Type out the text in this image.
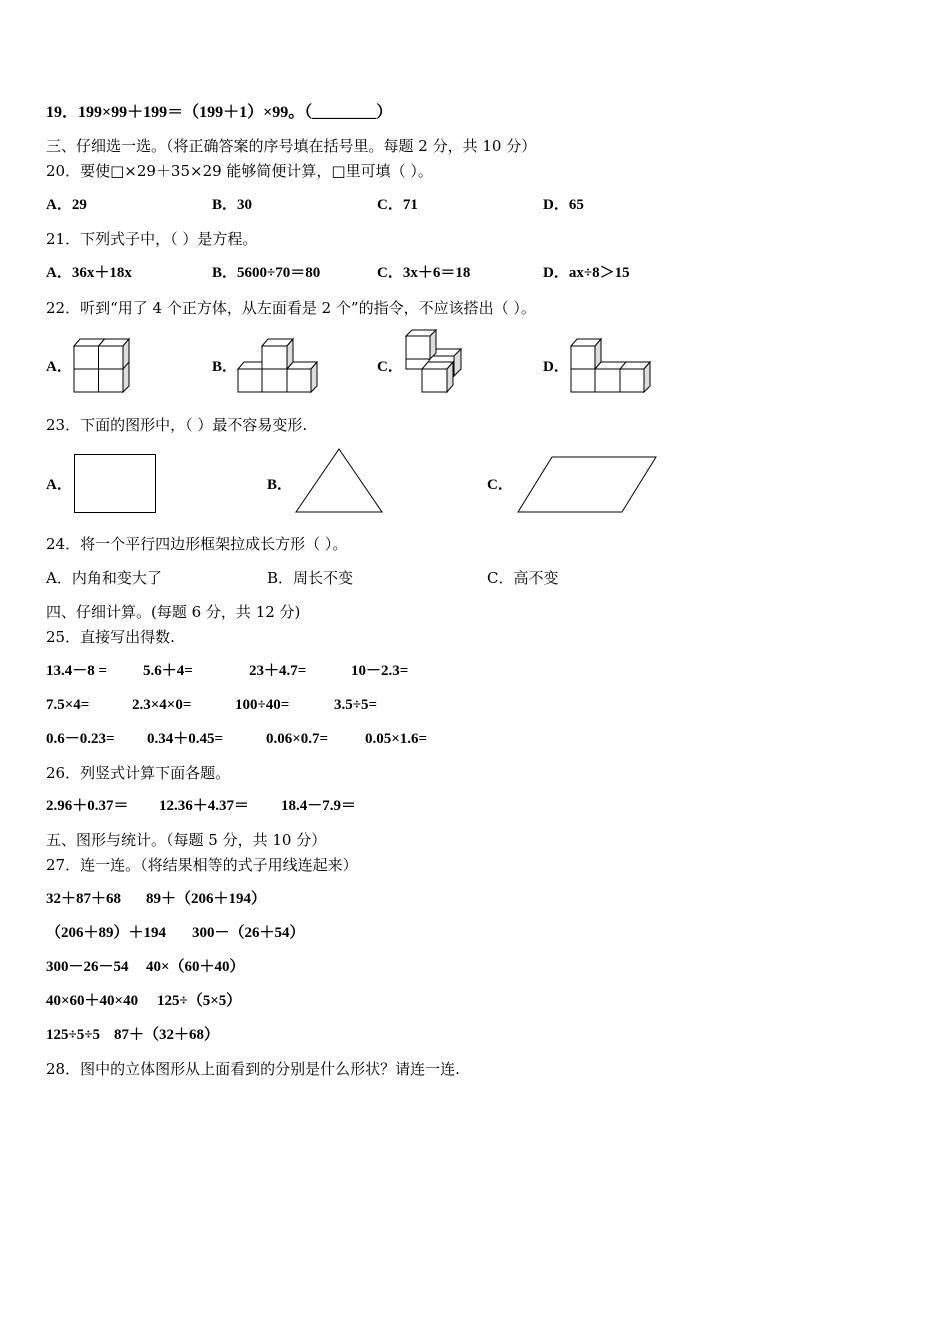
19．199×99＋199＝（199＋1）×99。（________）
三、仔细选一选。（将正确答案的序号填在括号里。每题 2 分，共 10 分）
20．要使□×29＋35×29 能够简便计算，□里可填（ ）。
A．29	B．30	C．71	D．65
21．下列式子中，（ ）是方程。
A．36x＋18x	B．5600÷70＝80	C．3x＋6＝18	D．ax÷8＞15
22．听到“用了 4 个正方体，从左面看是 2 个”的指令，不应该搭出（ ）。
A．	B．	C．	D．
23．下面的图形中，（ ）最不容易变形.
A．	B．	C．
24．将一个平行四边形框架拉成长方形（ ）。
A．内角和变大了	B．周长不变	C．高不变
四、仔细计算。(每题 6 分，共 12 分)
25．直接写出得数.
13.4－8 = 5.6＋4=	23＋4.7=	10－2.3=
7.5×4=	2.3×4×0=	100÷40=	3.5÷5=
0.6－0.23= 0.34＋0.45=	0.06×0.7= 0.05×1.6=
26．列竖式计算下面各题。
2.96＋0.37＝ 12.36＋4.37＝ 18.4－7.9＝
五、图形与统计。（每题 5 分，共 10 分）
27．连一连。（将结果相等的式子用线连起来）
32＋87＋68 89＋（206＋194）
（206＋89）＋194 300－（26＋54）
300－26－54 40×（60＋40）
40×60＋40×40 125÷（5×5）
125÷5÷5 87＋（32＋68）
28．图中的立体图形从上面看到的分别是什么形状？请连一连.
